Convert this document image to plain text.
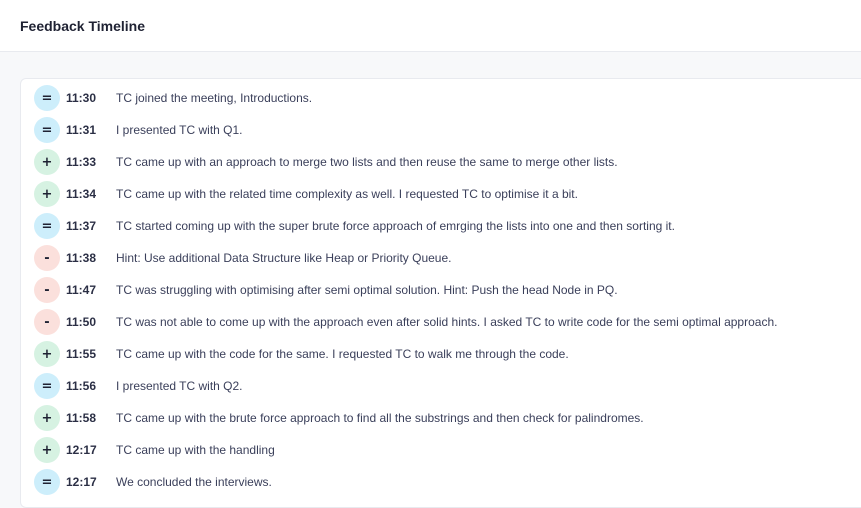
Feedback Timeline
=	11:30 TC joined the meeting, Introductions.
=	11:31 I presented TC with Q1.
+	11:33 TC came up with an approach to merge two lists and then reuse the same to merge other lists.
+	11:34 TC came up with the related time complexity as well. I requested TC to optimise it a bit.
=	11:37 TC started coming up with the super brute force approach of emrging the lists into one and then sorting it.
-	11:38 Hint: Use additional Data Structure like Heap or Priority Queue.
-	11:47 TC was struggling with optimising after semi optimal solution. Hint: Push the head Node in PQ.
-	11:50 TC was not able to come up with the approach even after solid hints. I asked TC to write code for the semi optimal approach.
+	11:55 TC came up with the code for the same. I requested TC to walk me through the code.
=	11:56 I presented TC with Q2.
+	11:58 TC came up with the brute force approach to find all the substrings and then check for palindromes.
+	12:17 TC came up with the handling
=	12:17 We concluded the interviews.
